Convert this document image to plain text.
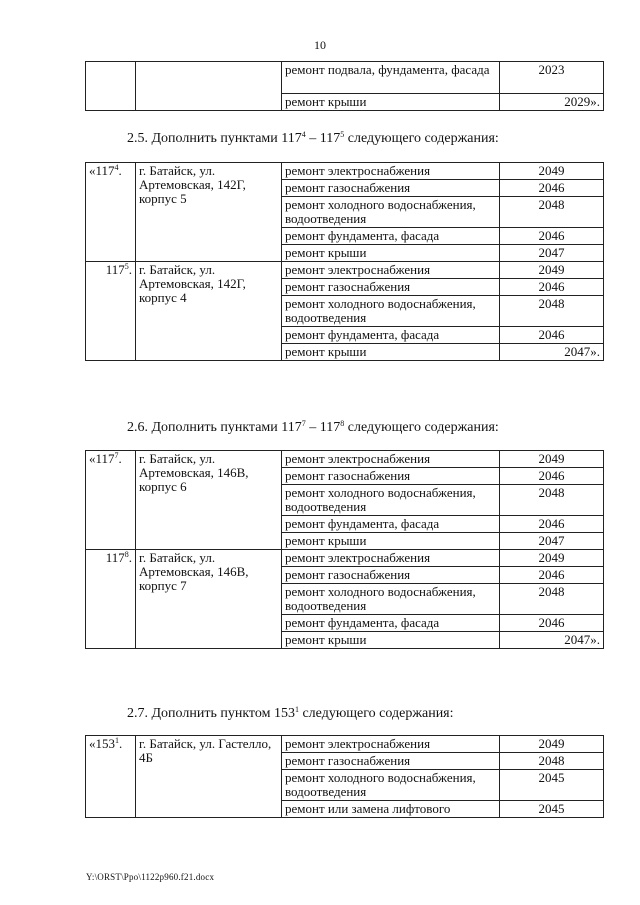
10
		ремонт подвала, фундамента, фасада	2023
		ремонт крыши	2029».
2.5. Дополнить пунктами $117^4 - 117^5$ следующего содержания:
«$117^4$.	г. Батайск, ул. Артемовская, 142Г, корпус 5	ремонт электроснабжения	2049
		ремонт газоснабжения	2046
		ремонт холодного водоснабжения, водоотведения	2048
		ремонт фундамента, фасада	2046
		ремонт крыши	2047
$117^5$.	г. Батайск, ул. Артемовская, 142Г, корпус 4	ремонт электроснабжения	2049
		ремонт газоснабжения	2046
		ремонт холодного водоснабжения, водоотведения	2048
		ремонт фундамента, фасада	2046
		ремонт крыши	2047».
2.6. Дополнить пунктами $117^7 - 117^8$ следующего содержания:
«$117^7$.	г. Батайск, ул. Артемовская, 146В, корпус 6	ремонт электроснабжения	2049
		ремонт газоснабжения	2046
		ремонт холодного водоснабжения, водоотведения	2048
		ремонт фундамента, фасада	2046
		ремонт крыши	2047
$117^8$.	г. Батайск, ул. Артемовская, 146В, корпус 7	ремонт электроснабжения	2049
		ремонт газоснабжения	2046
		ремонт холодного водоснабжения, водоотведения	2048
		ремонт фундамента, фасада	2046
		ремонт крыши	2047».
2.7. Дополнить пунктом $153^1$ следующего содержания:
«$153^1$.	г. Батайск, ул. Гастелло, 4Б	ремонт электроснабжения	2049
		ремонт газоснабжения	2048
		ремонт холодного водоснабжения, водоотведения	2045
		ремонт или замена лифтового	2045
Y:\ORST\Ppo\1122p960.f21.docx
